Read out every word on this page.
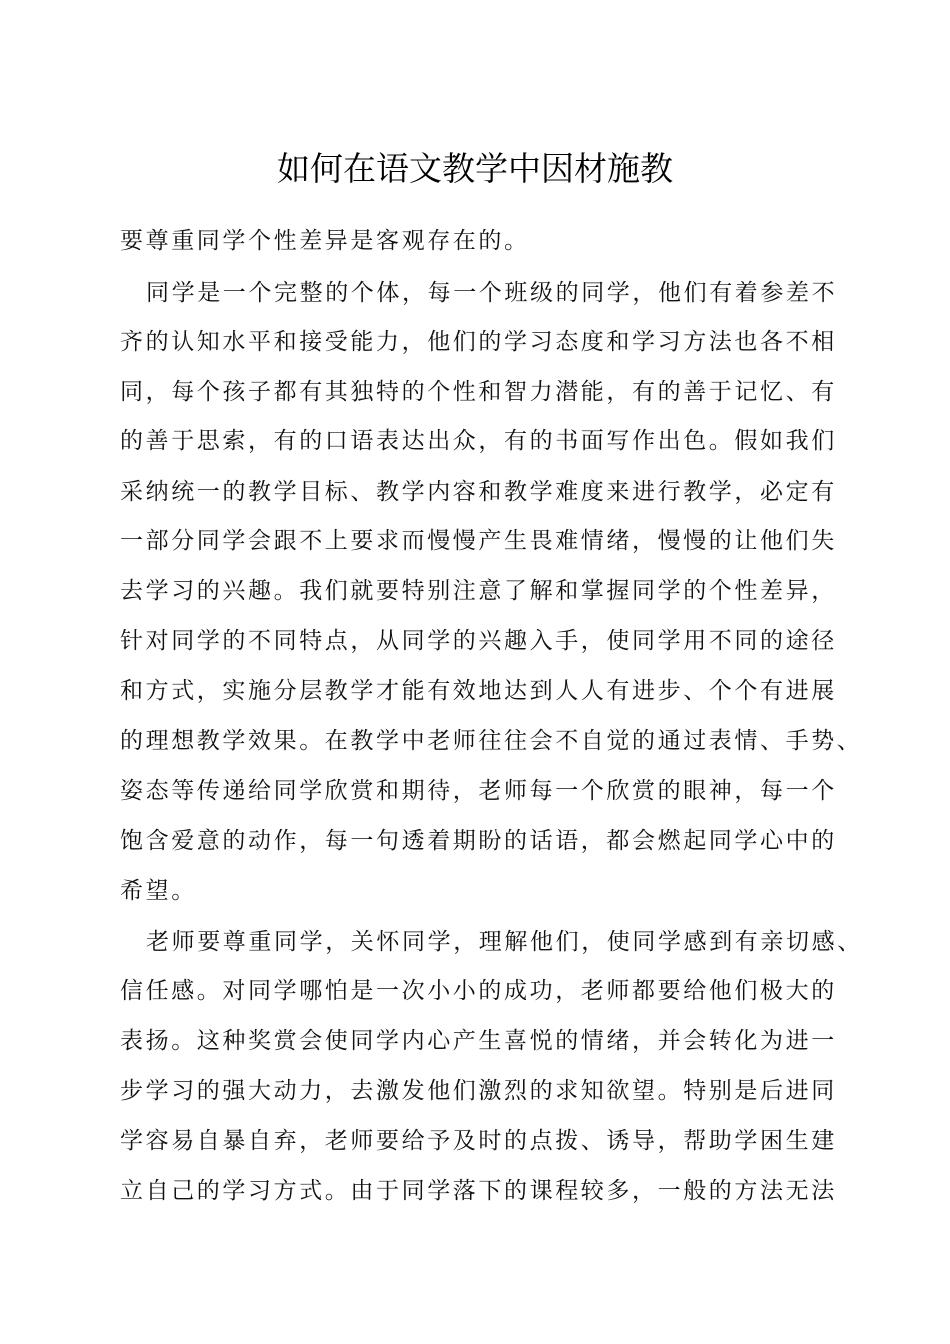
如何在语文教学中因材施教
要尊重同学个性差异是客观存在的。
同学是一个完整的个体，每一个班级的同学，他们有着参差不
齐的认知水平和接受能力，他们的学习态度和学习方法也各不相
同，每个孩子都有其独特的个性和智力潜能，有的善于记忆、有
的善于思索，有的口语表达出众，有的书面写作出色。假如我们
采纳统一的教学目标、教学内容和教学难度来进行教学，必定有
一部分同学会跟不上要求而慢慢产生畏难情绪，慢慢的让他们失
去学习的兴趣。我们就要特别注意了解和掌握同学的个性差异，
针对同学的不同特点，从同学的兴趣入手，使同学用不同的途径
和方式，实施分层教学才能有效地达到人人有进步、个个有进展
的理想教学效果。在教学中老师往往会不自觉的通过表情、手势、
姿态等传递给同学欣赏和期待，老师每一个欣赏的眼神，每一个
饱含爱意的动作，每一句透着期盼的话语，都会燃起同学心中的
希望。
老师要尊重同学，关怀同学，理解他们，使同学感到有亲切感、
信任感。对同学哪怕是一次小小的成功，老师都要给他们极大的
表扬。这种奖赏会使同学内心产生喜悦的情绪，并会转化为进一
步学习的强大动力，去激发他们激烈的求知欲望。特别是后进同
学容易自暴自弃，老师要给予及时的点拨、诱导，帮助学困生建
立自己的学习方式。由于同学落下的课程较多，一般的方法无法
